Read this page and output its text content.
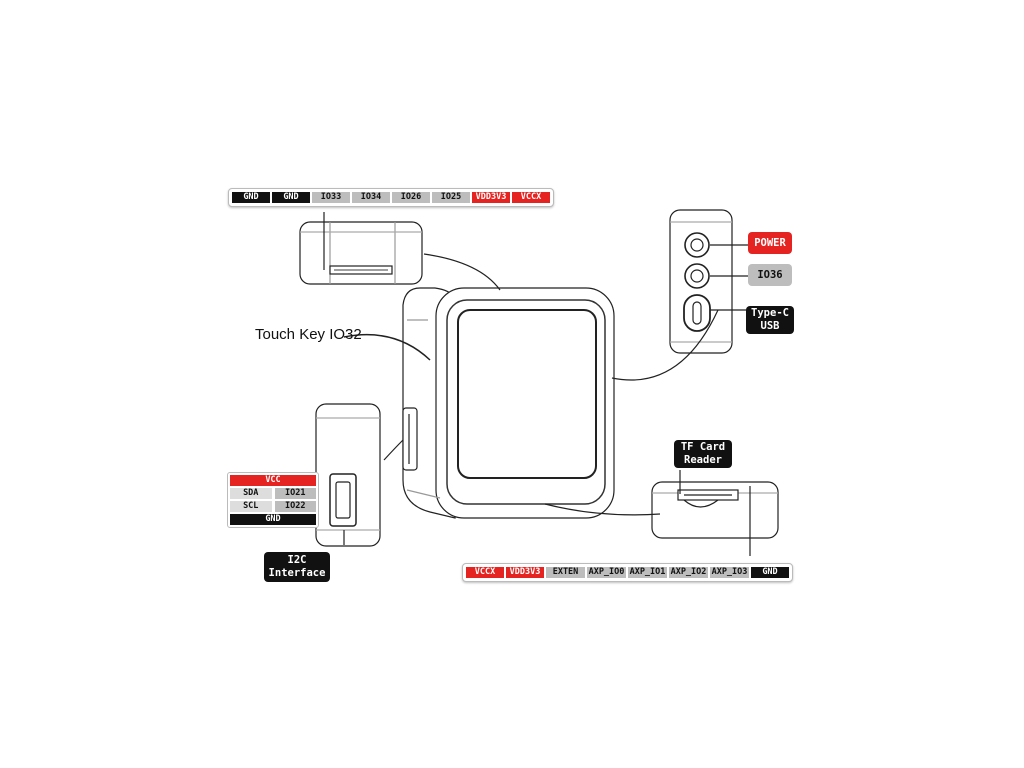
GND	GND	IO33	IO34	IO26	IO25	VDD3V3	VCCX
VCCX	VDD3V3	EXTEN	AXP_IO0 AXP_IO1 AXP_IO2 AXP_IO3	GND
VCC
SDA	IO21
SCL	IO22
GND
Touch Key IO32
POWER
IO36
Type-C
USB
TF Card
Reader
I2C
Interface
